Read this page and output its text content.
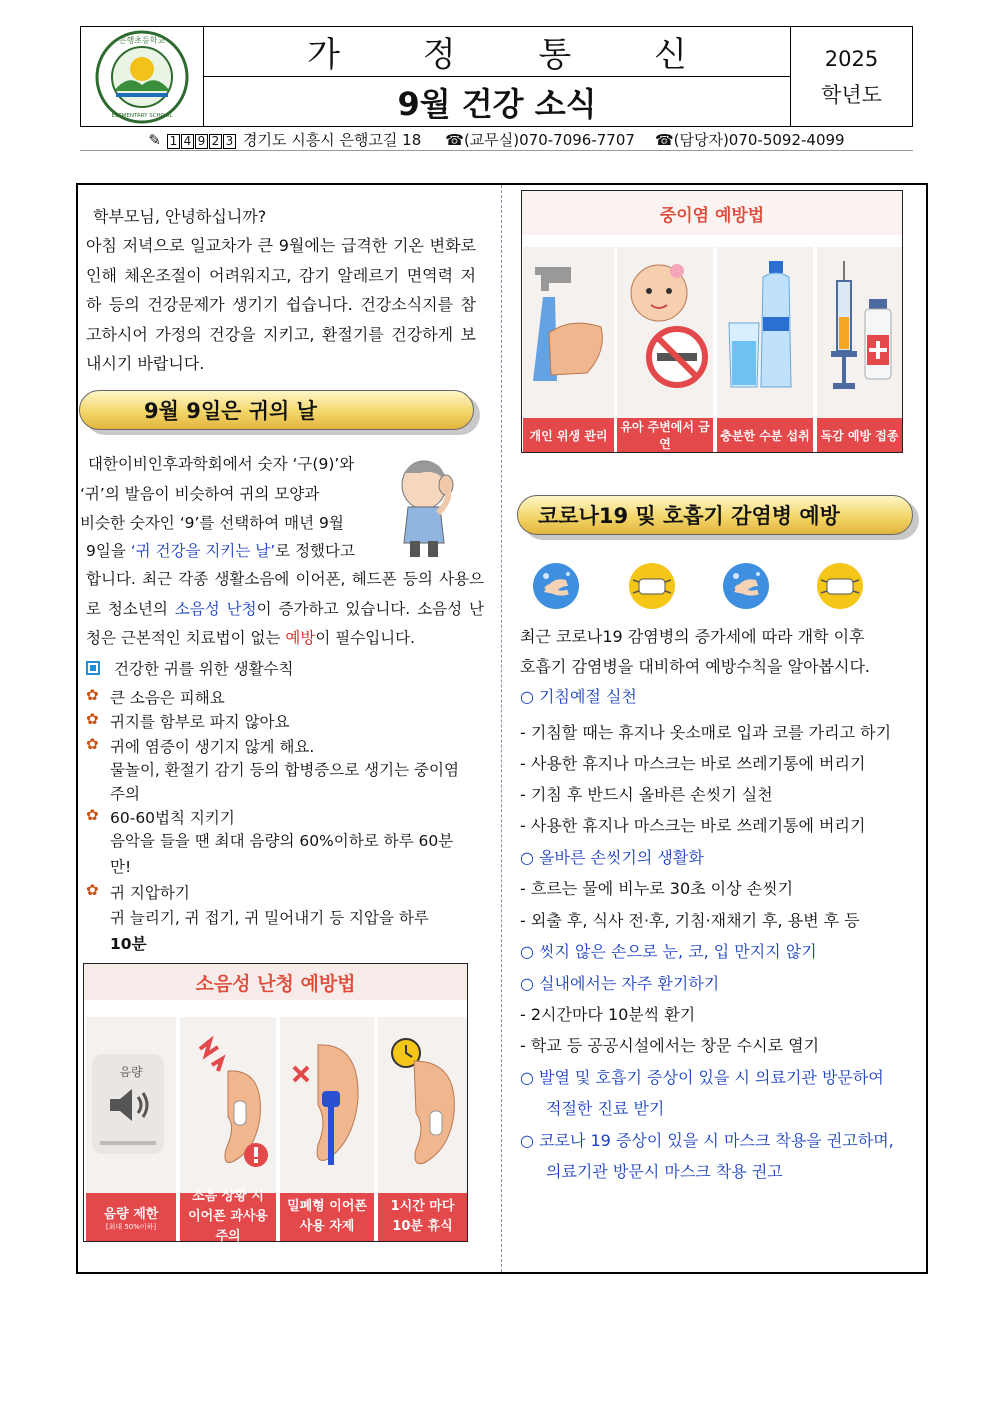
은행초등학교
ELEMENTARY SCHOOL
가 정 통 신
9월 건강 소식
2025
학년도
✎ 1 4 9 2 3 경기도 시흥시 은행고길 18 ☎(교무실)070-7096-7707 ☎(담당자)070-5092-4099
학부모님, 안녕하십니까?
아침 저녁으로 일교차가 큰 9월에는 급격한 기온 변화로 인해 체온조절이 어려워지고, 감기 알레르기 면역력 저하 등의 건강문제가 생기기 쉽습니다. 건강소식지를 참고하시어 가정의 건강을 지키고, 환절기를 건강하게 보내시기 바랍니다.
9월 9일은 귀의 날
대한이비인후과학회에서 숫자 ‘구(9)’와
‘귀’의 발음이 비슷하여 귀의 모양과
비슷한 숫자인 ‘9’를 선택하여 매년 9월
9일을 ‘귀 건강을 지키는 날’로 정했다고
합니다. 최근 각종 생활소음에 이어폰, 헤드폰 등의 사용으로 청소년의 소음성 난청이 증가하고 있습니다. 소음성 난청은 근본적인 치료법이 없는 예방이 필수입니다.
건강한 귀를 위한 생활수칙
✿ 큰 소음은 피해요
✿ 귀지를 함부로 파지 않아요
✿ 귀에 염증이 생기지 않게 해요.
물놀이, 환절기 감기 등의 합병증으로 생기는 중이염 주의
✿ 60-60법칙 지키기
음악을 들을 땐 최대 음량의 60%이하로 하루 60분만!
✿ 귀 지압하기
귀 늘리기, 귀 접기, 귀 밀어내기 등 지압을 하루
10분
소음성 난청 예방법
음량
음량 제한
[최대 50%이하]
소음 상황 시
이어폰 과사용 주의
밀폐형 이어폰
사용 자제
1시간 마다
10분 휴식
중이염 예방법
개인 위생 관리
유아 주변에서 금연
충분한 수분 섭취 독감 예방 접종
코로나19 및 호흡기 감염병 예방
최근 코로나19 감염병의 증가세에 따라 개학 이후
호흡기 감염병을 대비하여 예방수칙을 알아봅시다.
○ 기침예절 실천
- 기침할 때는 휴지나 옷소매로 입과 코를 가리고 하기
- 사용한 휴지나 마스크는 바로 쓰레기통에 버리기
- 기침 후 반드시 올바른 손씻기 실천
- 사용한 휴지나 마스크는 바로 쓰레기통에 버리기
○ 올바른 손씻기의 생활화
- 흐르는 물에 비누로 30초 이상 손씻기
- 외출 후, 식사 전·후, 기침·재채기 후, 용변 후 등
○ 씻지 않은 손으로 눈, 코, 입 만지지 않기
○ 실내에서는 자주 환기하기
- 2시간마다 10분씩 환기
- 학교 등 공공시설에서는 창문 수시로 열기
○ 발열 및 호흡기 증상이 있을 시 의료기관 방문하여
적절한 진료 받기
○ 코로나 19 증상이 있을 시 마스크 착용을 권고하며,
의료기관 방문시 마스크 착용 권고
